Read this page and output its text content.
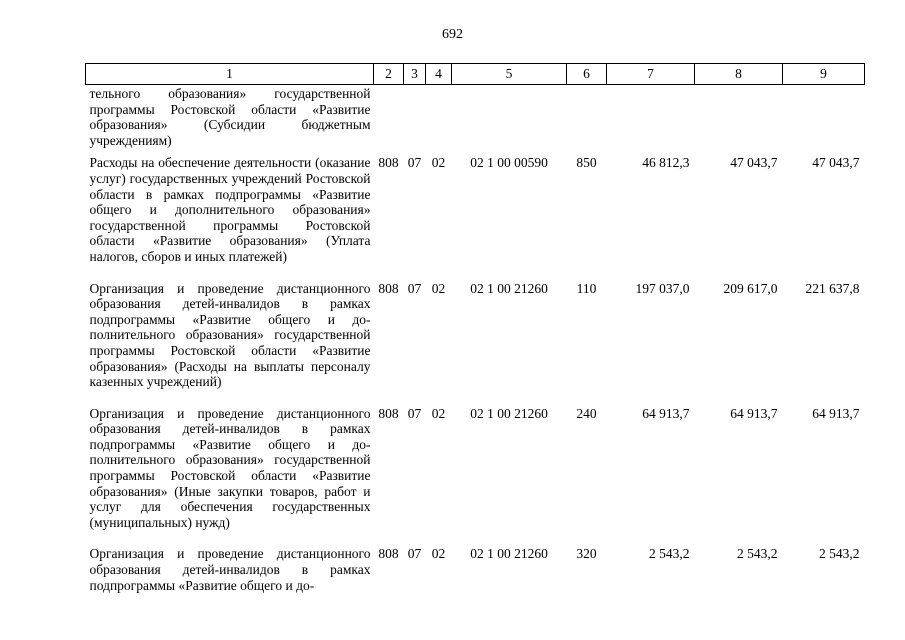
692
1	2	3	4	5	6	7	8	9
тельного образования» государственной программы Ростовской области «Развитие образования» (Субсидии бюджетным учреждениям)								
Расходы на обеспечение деятельности (оказание услуг) государственных учреждений Ростовской области в рамках подпрограммы «Развитие общего и дополнительного образования» государственной программы Ростовской области «Развитие образования» (Уплата налогов, сборов и иных платежей)	808	07	02	02 1 00 00590	850	46 812,3	47 043,7	47 043,7
Организация и проведение дистанционного образования детей-инвалидов в рамках подпрограммы «Развитие общего и дополнительного образования» государственной программы Ростовской области «Развитие образования» (Расходы на выплаты персоналу казенных учреждений)	808	07	02	02 1 00 21260	110	197 037,0	209 617,0	221 637,8
Организация и проведение дистанционного образования детей-инвалидов в рамках подпрограммы «Развитие общего и дополнительного образования» государственной программы Ростовской области «Развитие образования» (Иные закупки товаров, работ и услуг для обеспечения государственных (муниципальных) нужд)	808	07	02	02 1 00 21260	240	64 913,7	64 913,7	64 913,7
Организация и проведение дистанционного образования детей-инвалидов в рамках подпрограммы «Развитие общего и до-	808	07	02	02 1 00 21260	320	2 543,2	2 543,2	2 543,2
